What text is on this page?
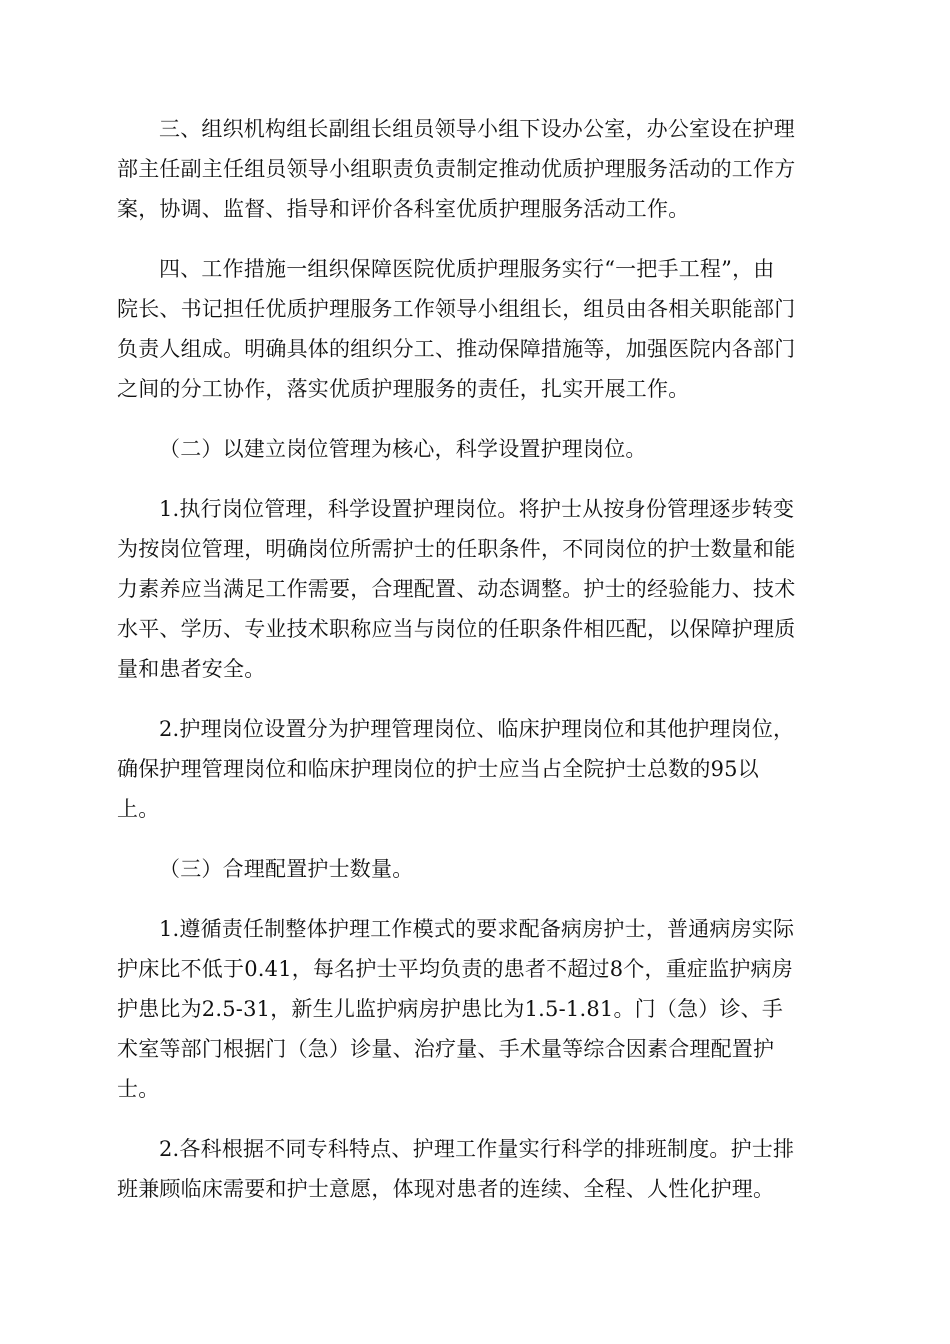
三、组织机构组长副组长组员领导小组下设办公室，办公室设在护理
部主任副主任组员领导小组职责负责制定推动优质护理服务活动的工作方
案，协调、监督、指导和评价各科室优质护理服务活动工作。
四、工作措施一组织保障医院优质护理服务实行“一把手工程”，由
院长、书记担任优质护理服务工作领导小组组长，组员由各相关职能部门
负责人组成。明确具体的组织分工、推动保障措施等，加强医院内各部门
之间的分工协作，落实优质护理服务的责任，扎实开展工作。
（二）以建立岗位管理为核心，科学设置护理岗位。
1.执行岗位管理，科学设置护理岗位。将护士从按身份管理逐步转变
为按岗位管理，明确岗位所需护士的任职条件，不同岗位的护士数量和能
力素养应当满足工作需要，合理配置、动态调整。护士的经验能力、技术
水平、学历、专业技术职称应当与岗位的任职条件相匹配，以保障护理质
量和患者安全。
2.护理岗位设置分为护理管理岗位、临床护理岗位和其他护理岗位，
确保护理管理岗位和临床护理岗位的护士应当占全院护士总数的95以
上。
（三）合理配置护士数量。
1.遵循责任制整体护理工作模式的要求配备病房护士，普通病房实际
护床比不低于0.41，每名护士平均负责的患者不超过8个，重症监护病房
护患比为2.5-31，新生儿监护病房护患比为1.5-1.81。门（急）诊、手
术室等部门根据门（急）诊量、治疗量、手术量等综合因素合理配置护
士。
2.各科根据不同专科特点、护理工作量实行科学的排班制度。护士排
班兼顾临床需要和护士意愿，体现对患者的连续、全程、人性化护理。
